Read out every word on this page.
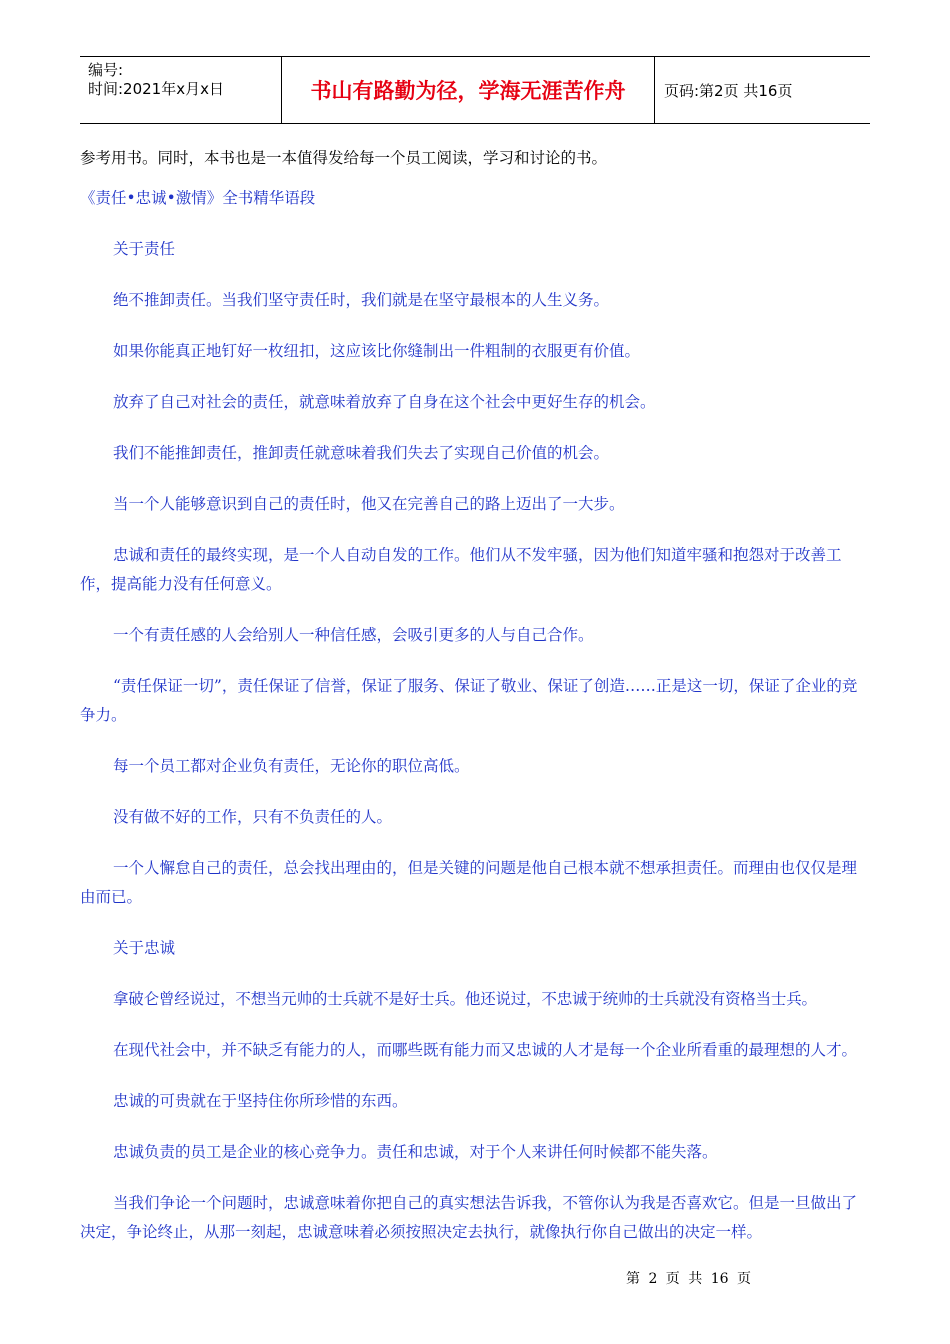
编号:
时间:2021年x月x日	书山有路勤为径，学海无涯苦作舟	页码:第2页 共16页

参考用书。同时，本书也是一本值得发给每一个员工阅读，学习和讨论的书。

《责任•忠诚•激情》全书精华语段

关于责任

绝不推卸责任。当我们坚守责任时，我们就是在坚守最根本的人生义务。

如果你能真正地钉好一枚纽扣，这应该比你缝制出一件粗制的衣服更有价值。

放弃了自己对社会的责任，就意味着放弃了自身在这个社会中更好生存的机会。

我们不能推卸责任，推卸责任就意味着我们失去了实现自己价值的机会。

当一个人能够意识到自己的责任时，他又在完善自己的路上迈出了一大步。

忠诚和责任的最终实现，是一个人自动自发的工作。他们从不发牢骚，因为他们知道牢骚和抱怨对于改善工作，提高能力没有任何意义。

一个有责任感的人会给别人一种信任感，会吸引更多的人与自己合作。

“责任保证一切”，责任保证了信誉，保证了服务、保证了敬业、保证了创造……正是这一切，保证了企业的竞争力。

每一个员工都对企业负有责任，无论你的职位高低。

没有做不好的工作，只有不负责任的人。

一个人懈怠自己的责任，总会找出理由的，但是关键的问题是他自己根本就不想承担责任。而理由也仅仅是理由而已。

关于忠诚

拿破仑曾经说过，不想当元帅的士兵就不是好士兵。他还说过，不忠诚于统帅的士兵就没有资格当士兵。

在现代社会中，并不缺乏有能力的人，而哪些既有能力而又忠诚的人才是每一个企业所看重的最理想的人才。

忠诚的可贵就在于坚持住你所珍惜的东西。

忠诚负责的员工是企业的核心竞争力。责任和忠诚，对于个人来讲任何时候都不能失落。

当我们争论一个问题时，忠诚意味着你把自己的真实想法告诉我，不管你认为我是否喜欢它。但是一旦做出了决定，争论终止，从那一刻起，忠诚意味着必须按照决定去执行，就像执行你自己做出的决定一样。

第 2 页 共 16 页
